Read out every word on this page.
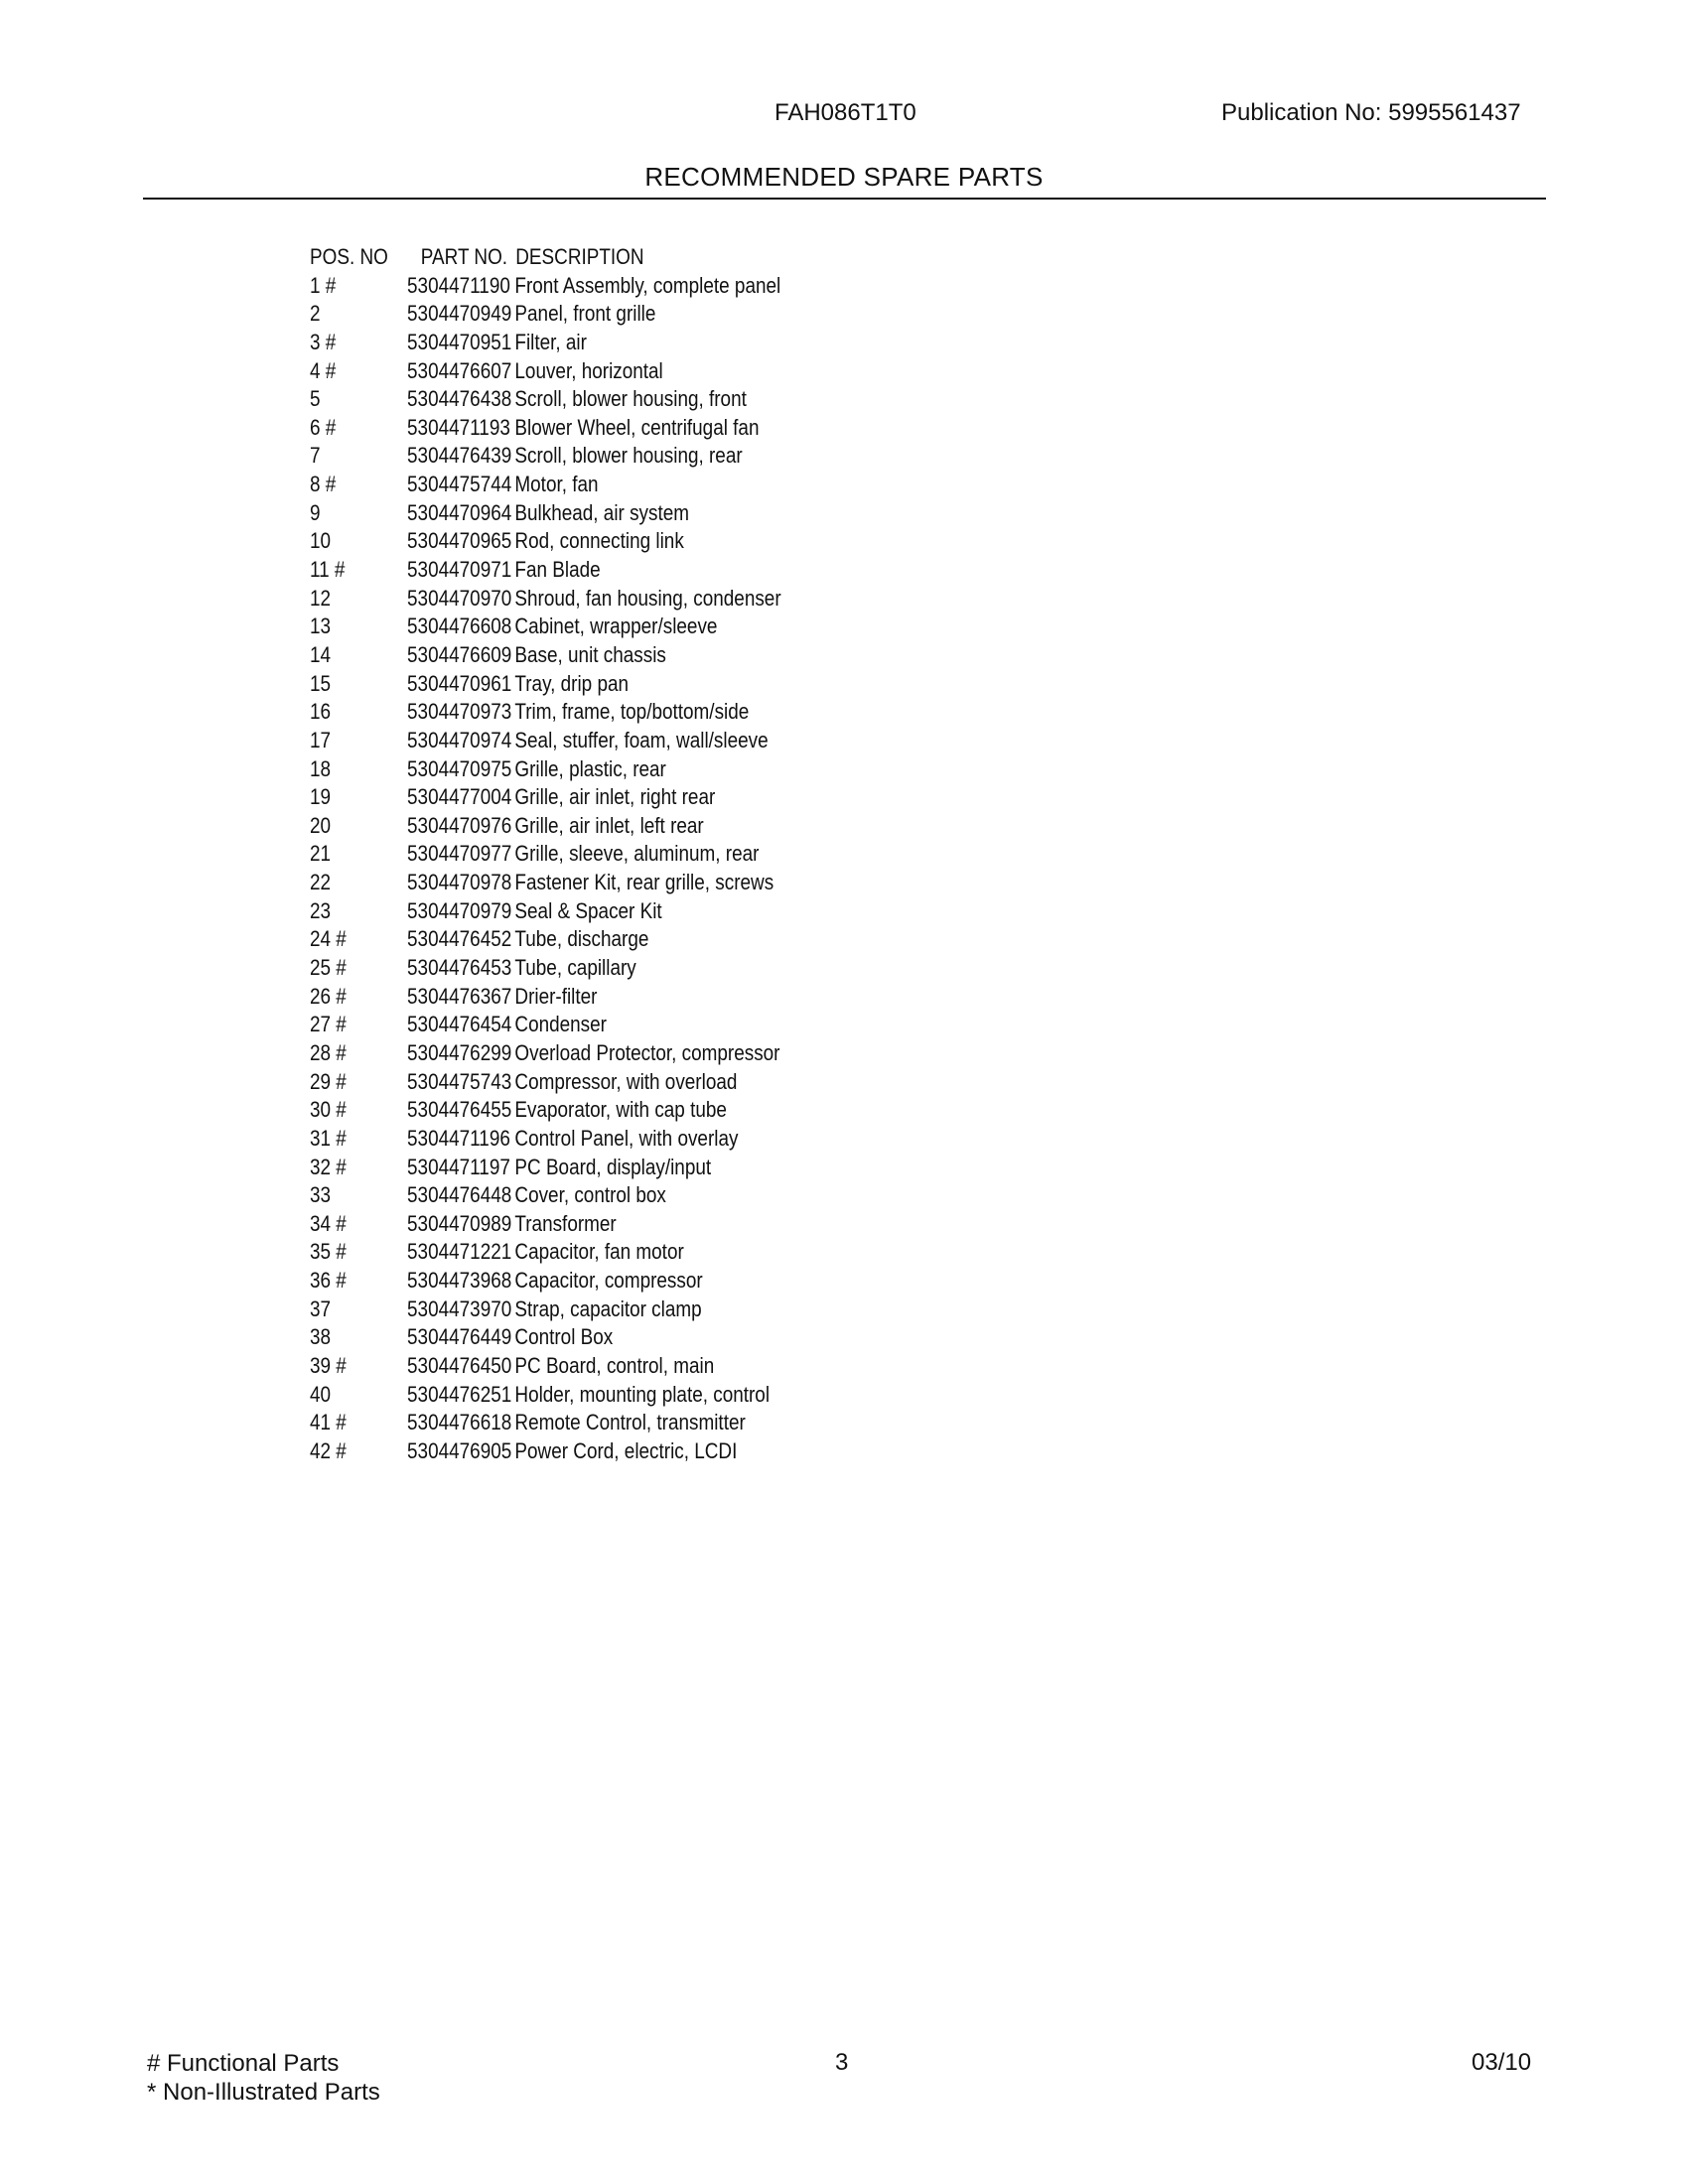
FAH086T1T0	Publication No: 5995561437
RECOMMENDED SPARE PARTS
POS. NO PART NO. DESCRIPTION
1 #	5304471190 Front Assembly, complete panel
2	5304470949 Panel, front grille
3 #	5304470951 Filter, air
4 #	5304476607 Louver, horizontal
5	5304476438 Scroll, blower housing, front
6 #	5304471193 Blower Wheel, centrifugal fan
7	5304476439 Scroll, blower housing, rear
8 #	5304475744 Motor, fan
9	5304470964 Bulkhead, air system
10	5304470965 Rod, connecting link
11 #	5304470971 Fan Blade
12	5304470970 Shroud, fan housing, condenser
13	5304476608 Cabinet, wrapper/sleeve
14	5304476609 Base, unit chassis
15	5304470961 Tray, drip pan
16	5304470973 Trim, frame, top/bottom/side
17	5304470974 Seal, stuffer, foam, wall/sleeve
18	5304470975 Grille, plastic, rear
19	5304477004 Grille, air inlet, right rear
20	5304470976 Grille, air inlet, left rear
21	5304470977 Grille, sleeve, aluminum, rear
22	5304470978 Fastener Kit, rear grille, screws
23	5304470979 Seal & Spacer Kit
24 #	5304476452 Tube, discharge
25 #	5304476453 Tube, capillary
26 #	5304476367 Drier-filter
27 #	5304476454 Condenser
28 #	5304476299 Overload Protector, compressor
29 #	5304475743 Compressor, with overload
30 #	5304476455 Evaporator, with cap tube
31 #	5304471196 Control Panel, with overlay
32 #	5304471197 PC Board, display/input
33	5304476448 Cover, control box
34 #	5304470989 Transformer
35 #	5304471221 Capacitor, fan motor
36 #	5304473968 Capacitor, compressor
37	5304473970 Strap, capacitor clamp
38	5304476449 Control Box
39 #	5304476450 PC Board, control, main
40	5304476251 Holder, mounting plate, control
41 #	5304476618 Remote Control, transmitter
42 #	5304476905 Power Cord, electric, LCDI
# Functional Parts
* Non-Illustrated Parts
3	03/10
